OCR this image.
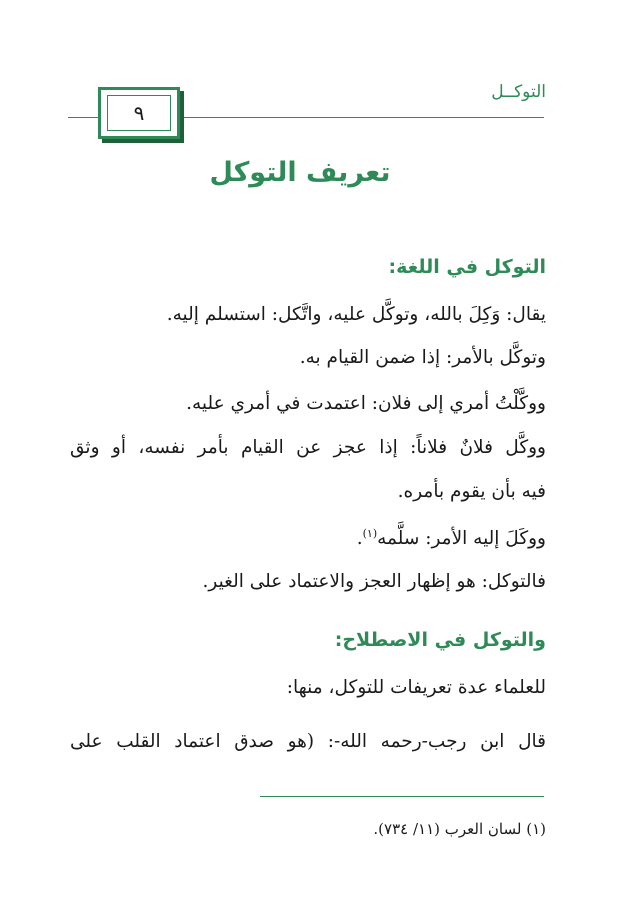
التوكــل
٩
تعريف التوكل
التوكل في اللغة:
يقال: وَكِلَ بالله، وتوكَّل عليه، واتَّكل: استسلم إليه.
وتوكَّل بالأمر: إذا ضمن القيام به.
ووكَّلْتُ أمري إلى فلان: اعتمدت في أمري عليه.
ووكَّل فلانٌ فلاناً: إذا عجز عن القيام بأمر نفسه، أو وثق
فيه بأن يقوم بأمره.
ووكَلَ إليه الأمر: سلَّمه$^{(١)}$.
فالتوكل: هو إظهار العجز والاعتماد على الغير.
والتوكل في الاصطلاح:
للعلماء عدة تعريفات للتوكل، منها:
قال ابن رجب-رحمه الله-: (هو صدق اعتماد القلب على
(١) لسان العرب (١١/ ٧٣٤).
